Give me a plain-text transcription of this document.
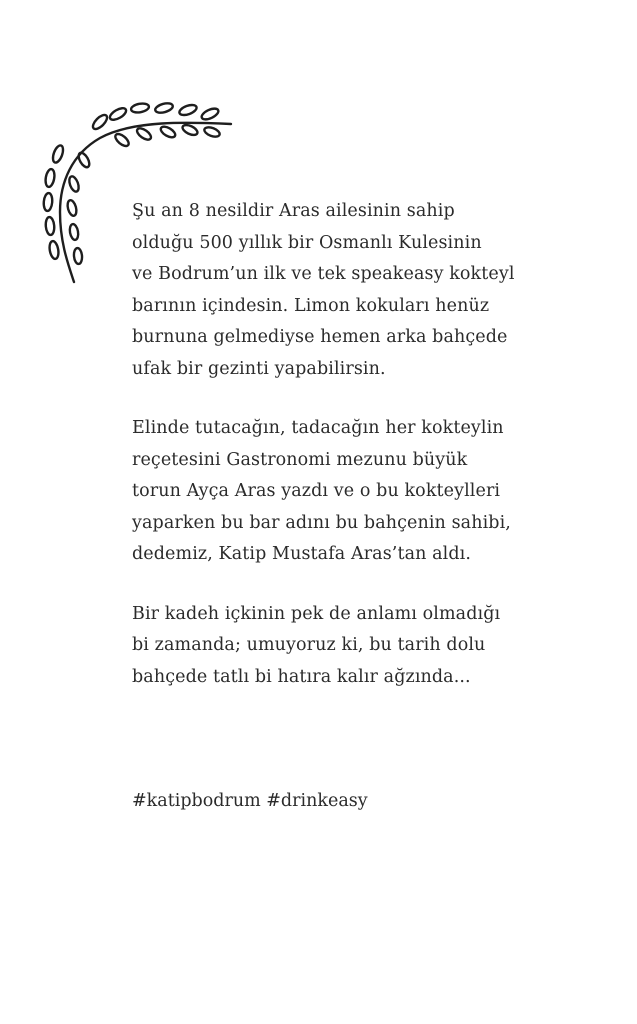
Şu an 8 nesildir Aras ailesinin sahip
olduğu 500 yıllık bir Osmanlı Kulesinin
ve Bodrum’un ilk ve tek speakeasy kokteyl
barının içindesin. Limon kokuları henüz
burnuna gelmediyse hemen arka bahçede
ufak bir gezinti yapabilirsin.

Elinde tutacağın, tadacağın her kokteylin
reçetesini Gastronomi mezunu büyük
torun Ayça Aras yazdı ve o bu kokteylleri
yaparken bu bar adını bu bahçenin sahibi,
dedemiz, Katip Mustafa Aras’tan aldı.

Bir kadeh içkinin pek de anlamı olmadığı
bi zamanda; umuyoruz ki, bu tarih dolu
bahçede tatlı bi hatıra kalır ağzında...

#katipbodrum #drinkeasy
